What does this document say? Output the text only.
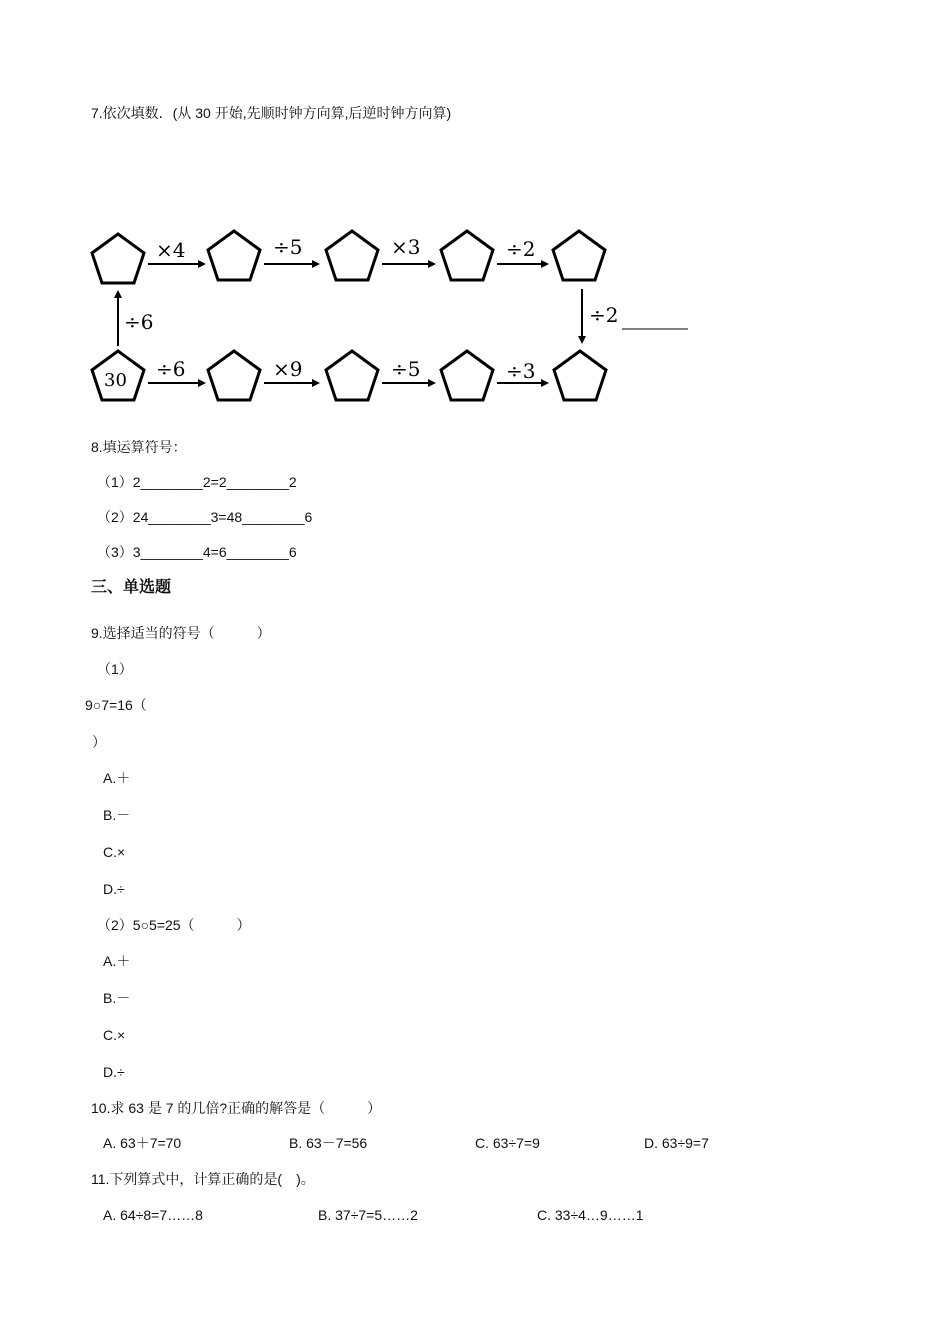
7.依次填数．(从 30 开始,先顺时钟方向算,后逆时钟方向算)
30
×4	÷5	×3	÷2
÷2
÷6
÷6	×9	÷5	÷3
8.填运算符号：
（1）2________2=2________2
（2）24________3=48________6
（3）3________4=6________6
三、单选题
9.选择适当的符号（　　　）
（1）
9○7=16（
）
A.＋
B.－
C.×
D.÷
（2）5○5=25（　　　）
A.＋
B.－
C.×
D.÷
10.求 63 是 7 的几倍?正确的解答是（　　　）
A. 63＋7=70	B. 63－7=56	C. 63÷7=9	D. 63÷9=7
11.下列算式中，计算正确的是(　)。
A. 64÷8=7……8	B. 37÷7=5……2	C. 33÷4…9……1
